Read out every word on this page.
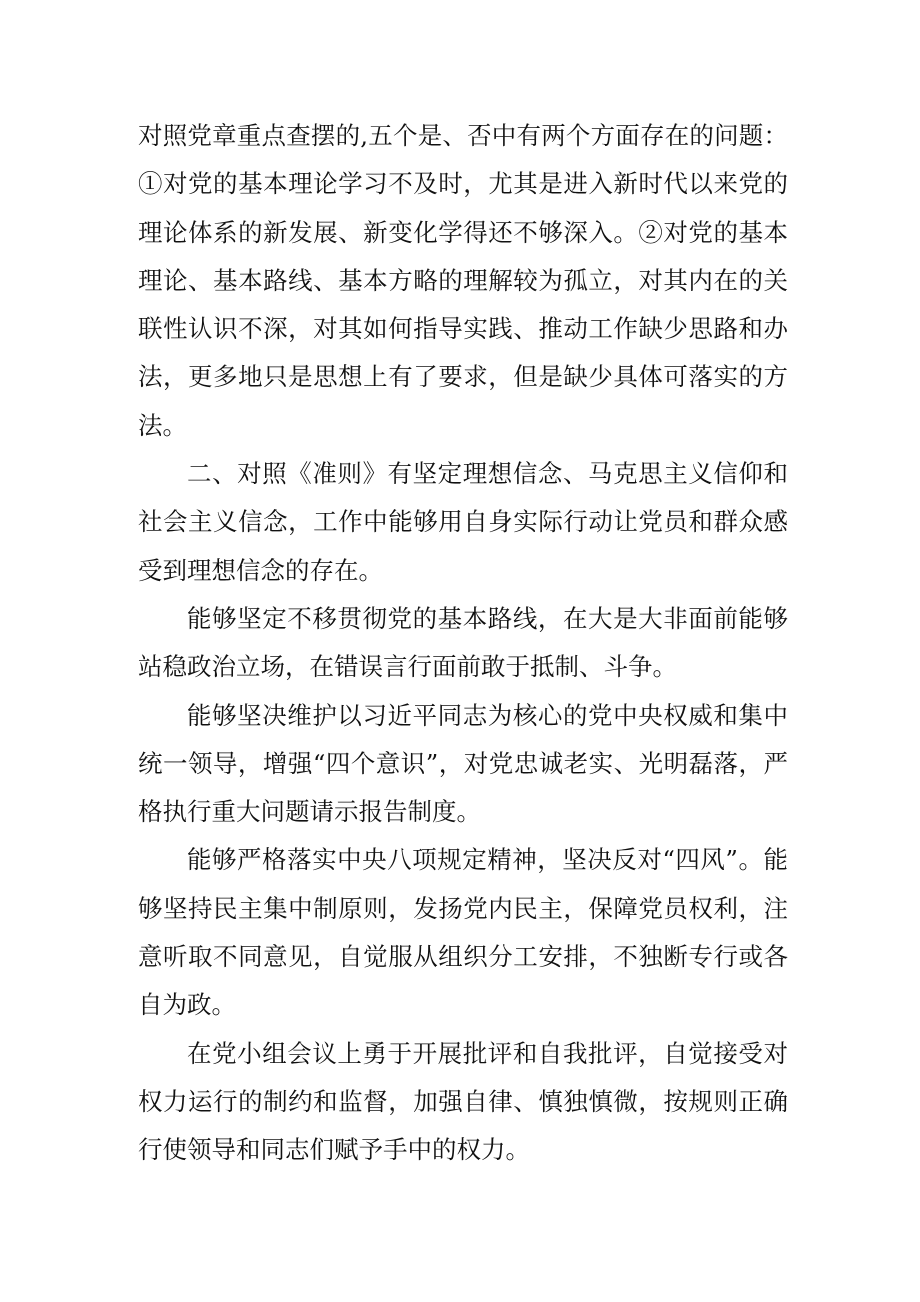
对照党章重点查摆的,五个是、否中有两个方面存在的问题：①对党的基本理论学习不及时，尤其是进入新时代以来党的理论体系的新发展、新变化学得还不够深入。②对党的基本理论、基本路线、基本方略的理解较为孤立，对其内在的关联性认识不深，对其如何指导实践、推动工作缺少思路和办法，更多地只是思想上有了要求，但是缺少具体可落实的方法。

二、对照《准则》有坚定理想信念、马克思主义信仰和社会主义信念，工作中能够用自身实际行动让党员和群众感受到理想信念的存在。

能够坚定不移贯彻党的基本路线，在大是大非面前能够站稳政治立场，在错误言行面前敢于抵制、斗争。

能够坚决维护以习近平同志为核心的党中央权威和集中统一领导，增强“四个意识”，对党忠诚老实、光明磊落，严格执行重大问题请示报告制度。

能够严格落实中央八项规定精神，坚决反对“四风”。能够坚持民主集中制原则，发扬党内民主，保障党员权利，注意听取不同意见，自觉服从组织分工安排，不独断专行或各自为政。

在党小组会议上勇于开展批评和自我批评，自觉接受对权力运行的制约和监督，加强自律、慎独慎微，按规则正确行使领导和同志们赋予手中的权力。
